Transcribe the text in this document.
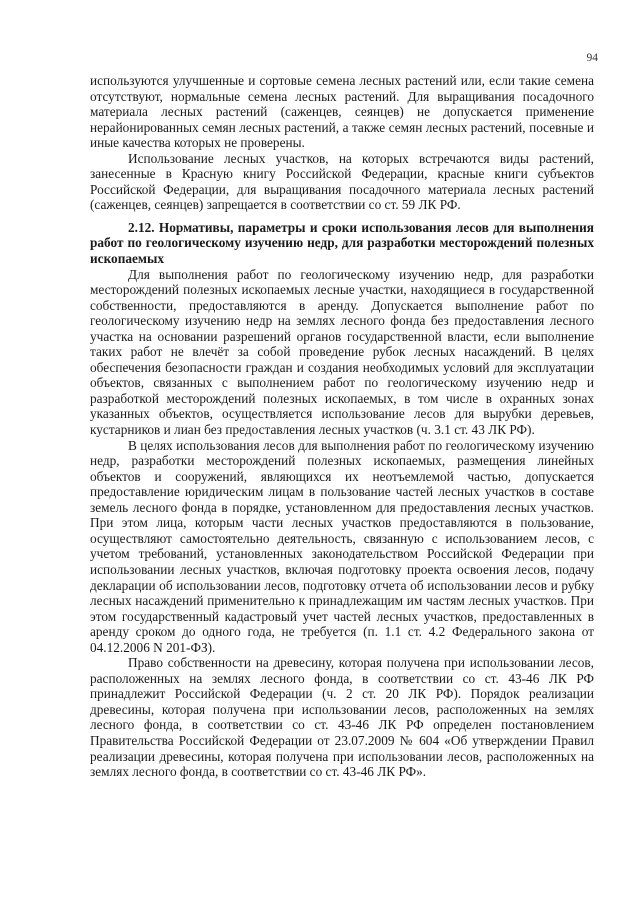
94

используются улучшенные и сортовые семена лесных растений или, если такие семена отсутствуют, нормальные семена лесных растений. Для выращивания посадочного материала лесных растений (саженцев, сеянцев) не допускается применение нерайонированных семян лесных растений, а также семян лесных растений, посевные и иные качества которых не проверены.

Использование лесных участков, на которых встречаются виды растений, занесенные в Красную книгу Российской Федерации, красные книги субъектов Российской Федерации, для выращивания посадочного материала лесных растений (саженцев, сеянцев) запрещается в соответствии со ст. 59 ЛК РФ.

2.12. Нормативы, параметры и сроки использования лесов для выполнения работ по геологическому изучению недр, для разработки месторождений полезных ископаемых

Для выполнения работ по геологическому изучению недр, для разработки месторождений полезных ископаемых лесные участки, находящиеся в государственной собственности, предоставляются в аренду. Допускается выполнение работ по геологическому изучению недр на землях лесного фонда без предоставления лесного участка на основании разрешений органов государственной власти, если выполнение таких работ не влечёт за собой проведение рубок лесных насаждений. В целях обеспечения безопасности граждан и создания необходимых условий для эксплуатации объектов, связанных с выполнением работ по геологическому изучению недр и разработкой месторождений полезных ископаемых, в том числе в охранных зонах указанных объектов, осуществляется использование лесов для вырубки деревьев, кустарников и лиан без предоставления лесных участков (ч. 3.1 ст. 43 ЛК РФ).

В целях использования лесов для выполнения работ по геологическому изучению недр, разработки месторождений полезных ископаемых, размещения линейных объектов и сооружений, являющихся их неотъемлемой частью, допускается предоставление юридическим лицам в пользование частей лесных участков в составе земель лесного фонда в порядке, установленном для предоставления лесных участков. При этом лица, которым части лесных участков предоставляются в пользование, осуществляют самостоятельно деятельность, связанную с использованием лесов, с учетом требований, установленных законодательством Российской Федерации при использовании лесных участков, включая подготовку проекта освоения лесов, подачу декларации об использовании лесов, подготовку отчета об использовании лесов и рубку лесных насаждений применительно к принадлежащим им частям лесных участков. При этом государственный кадастровый учет частей лесных участков, предоставленных в аренду сроком до одного года, не требуется (п. 1.1 ст. 4.2 Федерального закона от 04.12.2006 N 201-ФЗ).

Право собственности на древесину, которая получена при использовании лесов, расположенных на землях лесного фонда, в соответствии со ст. 43-46 ЛК РФ принадлежит Российской Федерации (ч. 2 ст. 20 ЛК РФ). Порядок реализации древесины, которая получена при использовании лесов, расположенных на землях лесного фонда, в соответствии со ст. 43-46 ЛК РФ определен постановлением Правительства Российской Федерации от 23.07.2009 № 604 «Об утверждении Правил реализации древесины, которая получена при использовании лесов, расположенных на землях лесного фонда, в соответствии со ст. 43-46 ЛК РФ».
